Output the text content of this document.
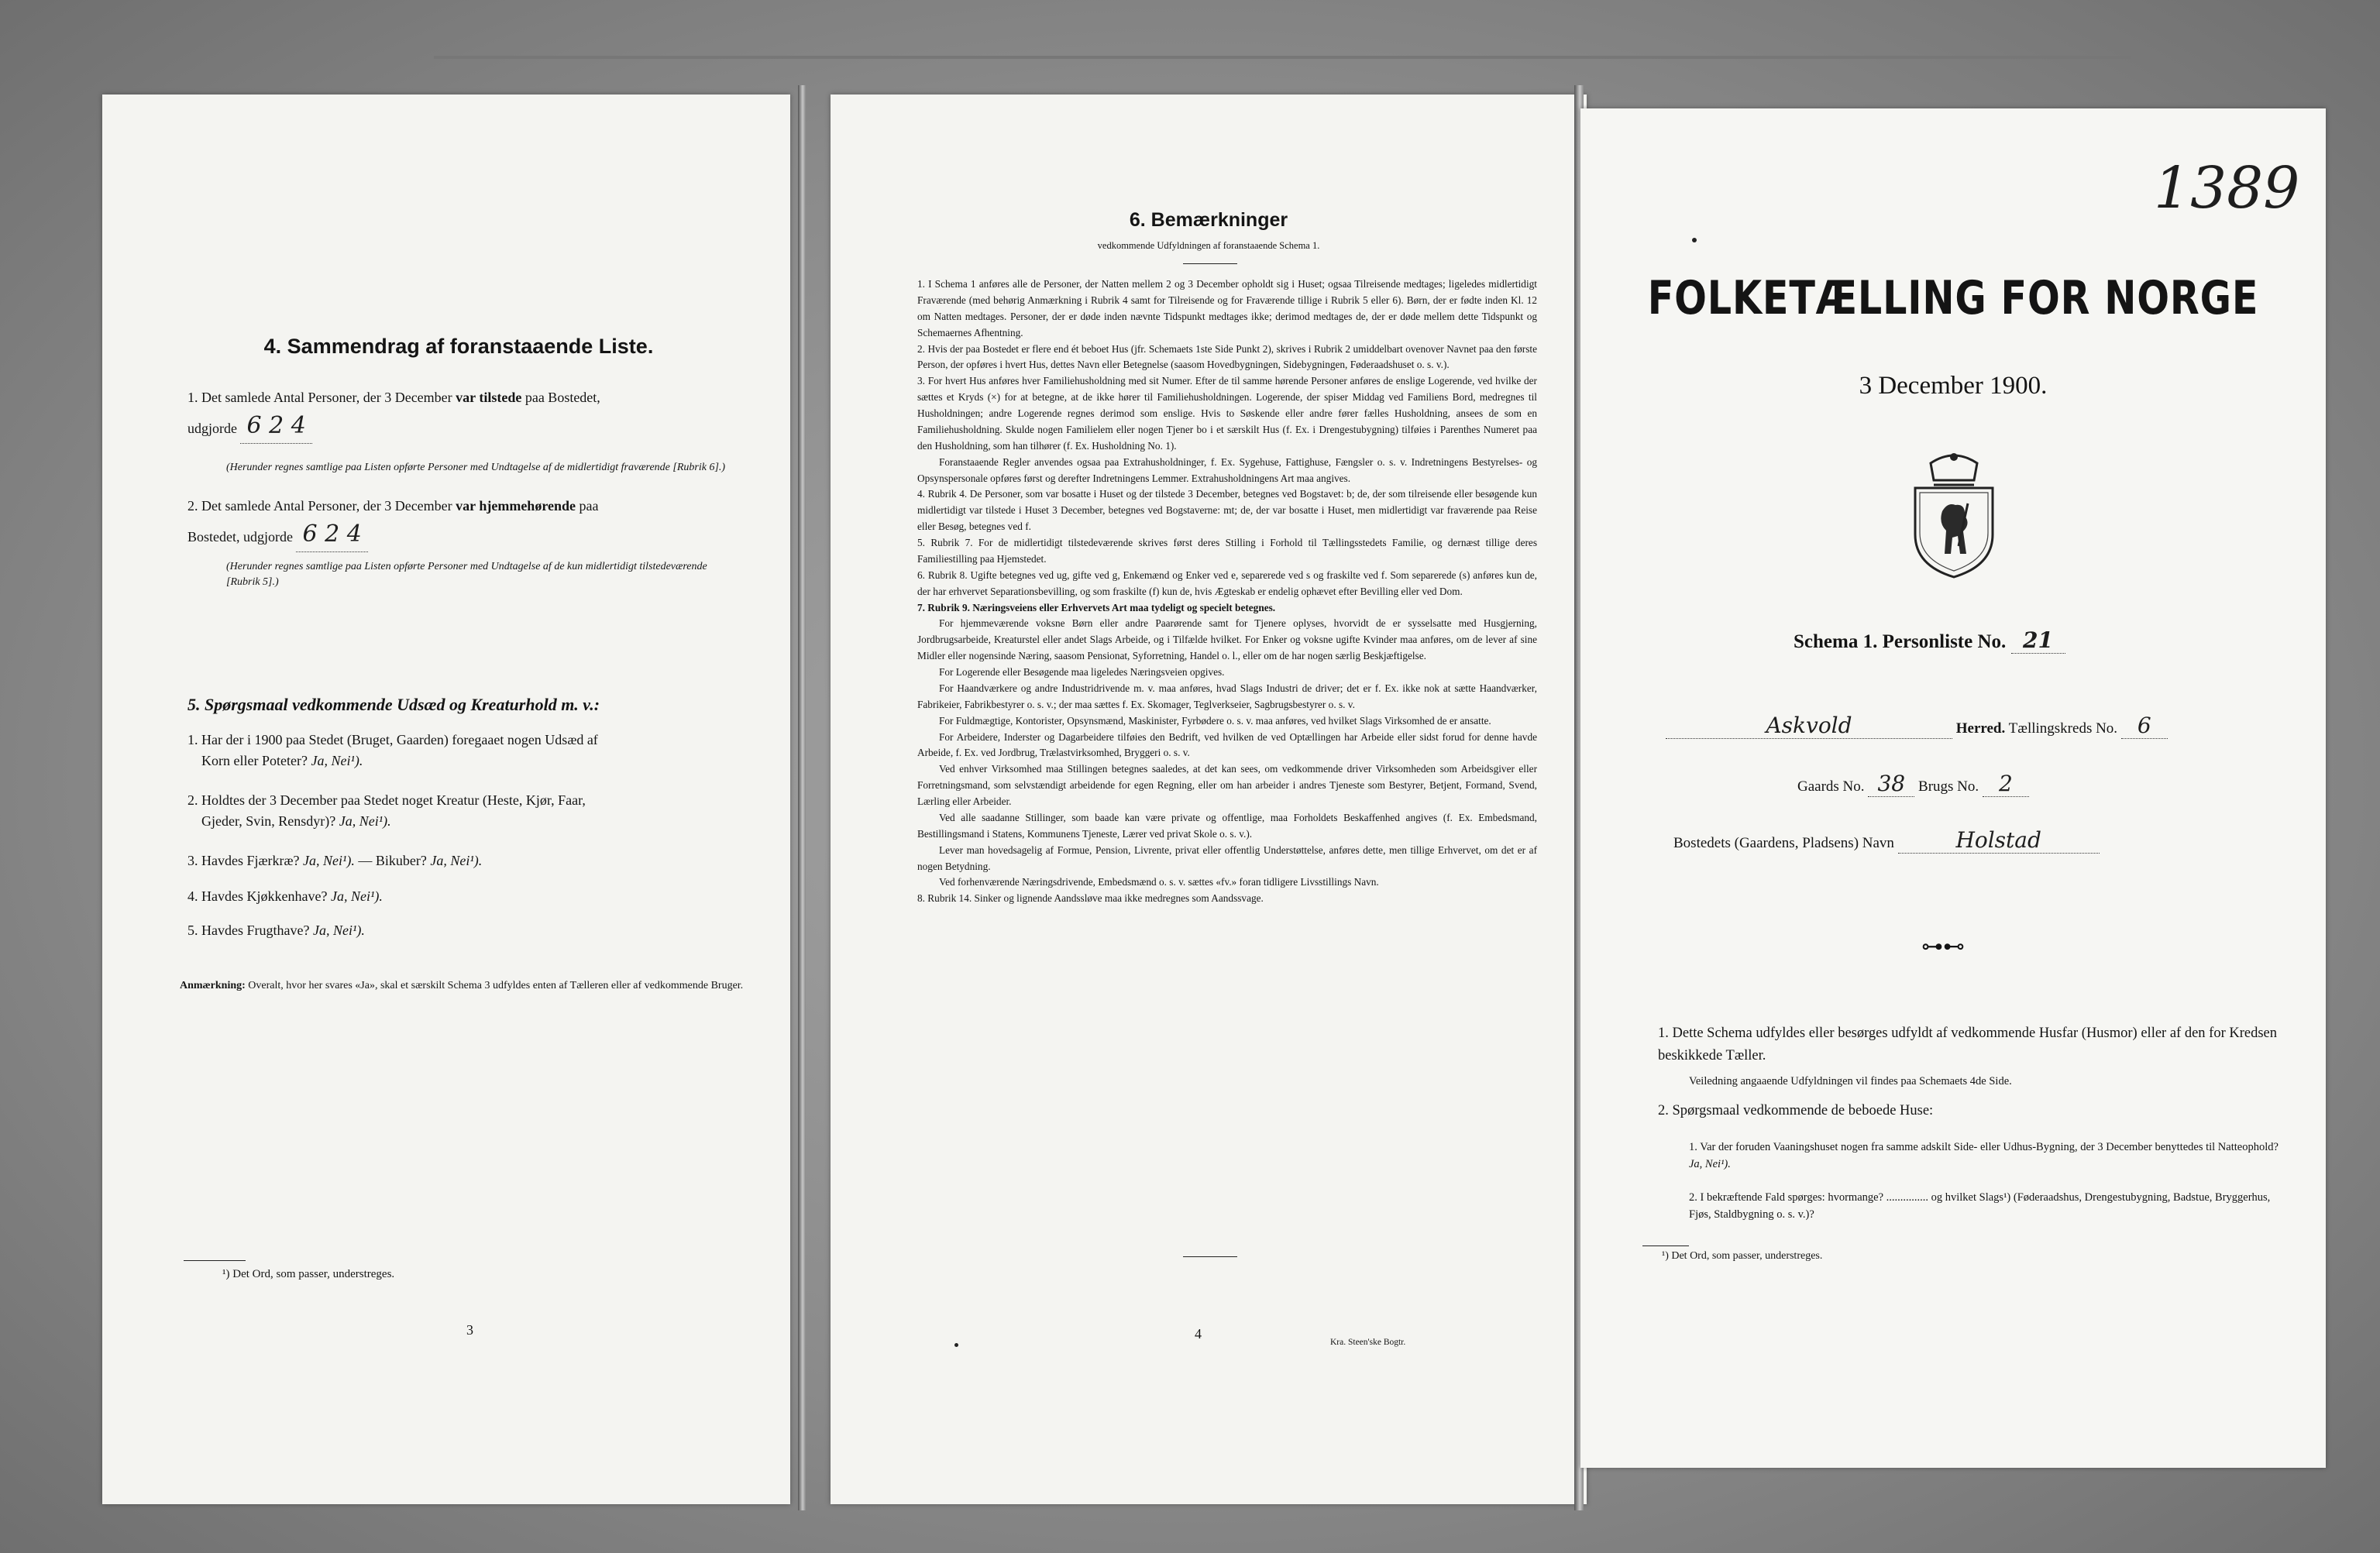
4. Sammendrag af foranstaaende Liste.
1. Det samlede Antal Personer, der 3 December var tilstede paa Bostedet,
udgjorde 6 2 4
(Herunder regnes samtlige paa Listen opførte Personer med Undtagelse af de midlertidigt fraværende [Rubrik 6].)
2. Det samlede Antal Personer, der 3 December var hjemmehørende paa
Bostedet, udgjorde 6 2 4
(Herunder regnes samtlige paa Listen opførte Personer med Undtagelse af de kun midlertidigt tilstedeværende [Rubrik 5].)
5. Spørgsmaal vedkommende Udsæd og Kreaturhold m. v.:
1. Har der i 1900 paa Stedet (Bruget, Gaarden) foregaaet nogen Udsæd af
Korn eller Poteter? Ja, Nei¹).
2. Holdtes der 3 December paa Stedet noget Kreatur (Heste, Kjør, Faar,
Gjeder, Svin, Rensdyr)? Ja, Nei¹).
3. Havdes Fjærkræ? Ja, Nei¹). — Bikuber? Ja, Nei¹).
4. Havdes Kjøkkenhave? Ja, Nei¹).
5. Havdes Frugthave? Ja, Nei¹).
Anmærkning: Overalt, hvor her svares «Ja», skal et særskilt Schema 3 udfyldes enten af Tælleren eller af vedkommende Bruger.
¹) Det Ord, som passer, understreges.
3
6. Bemærkninger
vedkommende Udfyldningen af foranstaaende Schema 1.

1. I Schema 1 anføres alle de Personer, der Natten mellem 2 og 3 December opholdt sig i Huset; ogsaa Tilreisende medtages; ligeledes midlertidigt Fraværende (med behørig Anmærkning i Rubrik 4 samt for Tilreisende og for Fraværende tillige i Rubrik 5 eller 6). Børn, der er fødte inden Kl. 12 om Natten medtages. Personer, der er døde inden nævnte Tidspunkt medtages ikke; derimod medtages de, der er døde mellem dette Tidspunkt og Schemaernes Afhentning.

2. Hvis der paa Bostedet er flere end ét beboet Hus (jfr. Schemaets 1ste Side Punkt 2), skrives i Rubrik 2 umiddelbart ovenover Navnet paa den første Person, der opføres i hvert Hus, dettes Navn eller Betegnelse (saasom Hovedbygningen, Sidebygningen, Føderaadshuset o. s. v.).

3. For hvert Hus anføres hver Familiehusholdning med sit Numer. Efter de til samme hørende Personer anføres de enslige Logerende, ved hvilke der sættes et Kryds (×) for at betegne, at de ikke hører til Familiehusholdningen. Logerende, der spiser Middag ved Familiens Bord, medregnes til Husholdningen; andre Logerende regnes derimod som enslige. Hvis to Søskende eller andre fører fælles Husholdning, ansees de som en Familiehusholdning. Skulde nogen Familielem eller nogen Tjener bo i et særskilt Hus (f. Ex. i Drengestubygning) tilføies i Parenthes Numeret paa den Husholdning, som han tilhører (f. Ex. Husholdning No. 1).

Foranstaaende Regler anvendes ogsaa paa Extrahusholdninger, f. Ex. Sygehuse, Fattighuse, Fængsler o. s. v. Indretningens Bestyrelses- og Opsynspersonale opføres først og derefter Indretningens Lemmer. Extrahusholdningens Art maa angives.

4. Rubrik 4. De Personer, som var bosatte i Huset og der tilstede 3 December, betegnes ved Bogstavet: b; de, der som tilreisende eller besøgende kun midlertidigt var tilstede i Huset 3 December, betegnes ved Bogstaverne: mt; de, der var bosatte i Huset, men midlertidigt var fraværende paa Reise eller Besøg, betegnes ved f.

5. Rubrik 7. For de midlertidigt tilstedeværende skrives først deres Stilling i Forhold til Tællingsstedets Familie, og dernæst tillige deres Familiestilling paa Hjemstedet.

6. Rubrik 8. Ugifte betegnes ved ug, gifte ved g, Enkemænd og Enker ved e, separerede ved s og fraskilte ved f. Som separerede (s) anføres kun de, der har erhvervet Separationsbevilling, og som fraskilte (f) kun de, hvis Ægteskab er endelig ophævet efter Bevilling eller ved Dom.

7. Rubrik 9. Næringsveiens eller Erhvervets Art maa tydeligt og specielt betegnes.

For hjemmeværende voksne Børn eller andre Paarørende samt for Tjenere oplyses, hvorvidt de er sysselsatte med Husgjerning, Jordbrugsarbeide, Kreaturstel eller andet Slags Arbeide, og i Tilfælde hvilket. For Enker og voksne ugifte Kvinder maa anføres, om de lever af sine Midler eller nogensinde Næring, saasom Pensionat, Syforretning, Handel o. l., eller om de har nogen særlig Beskjæftigelse.

For Logerende eller Besøgende maa ligeledes Næringsveien opgives.

For Haandværkere og andre Industridrivende m. v. maa anføres, hvad Slags Industri de driver; det er f. Ex. ikke nok at sætte Haandværker, Fabrikeier, Fabrikbestyrer o. s. v.; der maa sættes f. Ex. Skomager, Teglverkseier, Sagbrugsbestyrer o. s. v.

For Fuldmægtige, Kontorister, Opsynsmænd, Maskinister, Fyrbødere o. s. v. maa anføres, ved hvilket Slags Virksomhed de er ansatte.

For Arbeidere, Inderster og Dagarbeidere tilføies den Bedrift, ved hvilken de ved Optællingen har Arbeide eller sidst forud for denne havde Arbeide, f. Ex. ved Jordbrug, Trælastvirksomhed, Bryggeri o. s. v.

Ved enhver Virksomhed maa Stillingen betegnes saaledes, at det kan sees, om vedkommende driver Virksomheden som Arbeidsgiver eller Forretningsmand, som selvstændigt arbeidende for egen Regning, eller om han arbeider i andres Tjeneste som Bestyrer, Betjent, Formand, Svend, Lærling eller Arbeider.

Ved alle saadanne Stillinger, som baade kan være private og offentlige, maa Forholdets Beskaffenhed angives (f. Ex. Embedsmand, Bestillingsmand i Statens, Kommunens Tjeneste, Lærer ved privat Skole o. s. v.).

Lever man hovedsagelig af Formue, Pension, Livrente, privat eller offentlig Understøttelse, anføres dette, men tillige Erhvervet, om det er af nogen Betydning.

Ved forhenværende Næringsdrivende, Embedsmænd o. s. v. sættes «fv.» foran tidligere Livsstillings Navn.

8. Rubrik 14. Sinker og lignende Aandssløve maa ikke medregnes som Aandssvage.

4
Kra. Steen'ske Bogtr.
1389
FOLKETÆLLING FOR NORGE
3 December 1900.
Schema 1. Personliste No. 21
Askvold	Herred. Tællingskreds No. 6
Gaards No. 38 Brugs No. 2
Bostedets (Gaardens, Pladsens) Navn	Holstad
⊶⊷
1. Dette Schema udfyldes eller besørges udfyldt af vedkommende Husfar (Husmor) eller af den for Kredsen beskikkede Tæller.
Veiledning angaaende Udfyldningen vil findes paa Schemaets 4de Side.
2. Spørgsmaal vedkommende de beboede Huse:
1. Var der foruden Vaaningshuset nogen fra samme adskilt Side- eller Udhus-Bygning, der 3 December benyttedes til Natteophold? Ja, Nei¹).
2. I bekræftende Fald spørges: hvormange? ............... og hvilket Slags¹) (Føderaadshus, Drengestubygning, Badstue, Bryggerhus, Fjøs, Staldbygning o. s. v.)?
¹) Det Ord, som passer, understreges.
